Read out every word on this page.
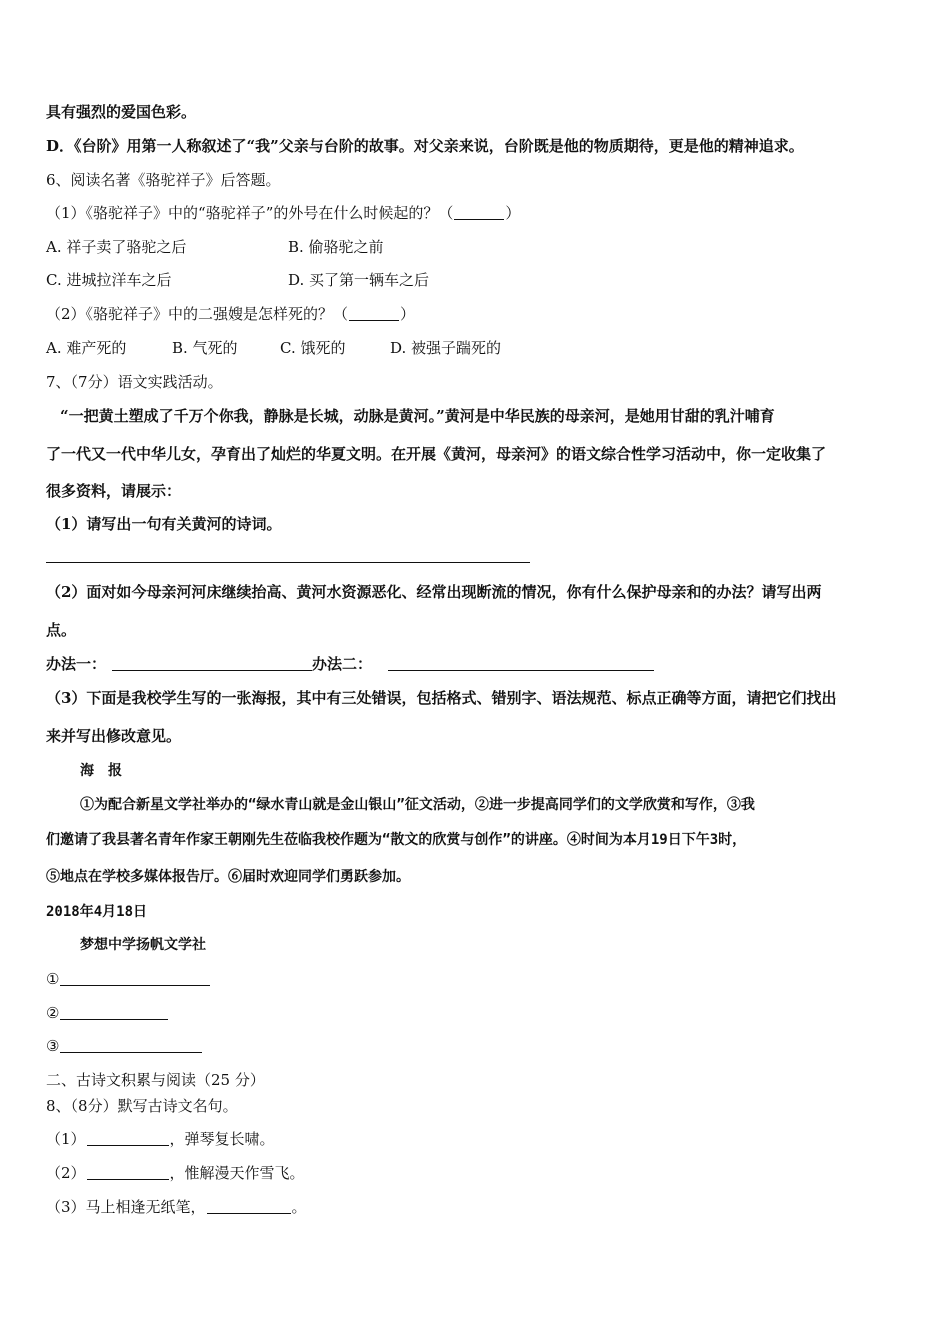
具有强烈的爱国色彩。
D．《台阶》用第一人称叙述了“我”父亲与台阶的故事。对父亲来说，台阶既是他的物质期待，更是他的精神追求。
6、阅读名著《骆驼祥子》后答题。
（1）《骆驼祥子》中的“骆驼祥子”的外号在什么时候起的？（	）
A. 祥子卖了骆驼之后	B. 偷骆驼之前
C. 进城拉洋车之后	D. 买了第一辆车之后
（2）《骆驼祥子》中的二强嫂是怎样死的？（	）
A. 难产死的	B. 气死的	C. 饿死的	D. 被强子踹死的
7、（7分）语文实践活动。
“一把黄土塑成了千万个你我，静脉是长城，动脉是黄河。”黄河是中华民族的母亲河，是她用甘甜的乳汁哺育
了一代又一代中华儿女，孕育出了灿烂的华夏文明。在开展《黄河，母亲河》的语文综合性学习活动中，你一定收集了
很多资料，请展示：
（1）请写出一句有关黄河的诗词。
（2）面对如今母亲河河床继续抬高、黄河水资源恶化、经常出现断流的情况，你有什么保护母亲和的办法？请写出两
点。
办法一：	办法二：
（3）下面是我校学生写的一张海报，其中有三处错误，包括格式、错别字、语法规范、标点正确等方面，请把它们找出
来并写出修改意见。
海　报
①为配合新星文学社举办的“绿水青山就是金山银山”征文活动，②进一步提高同学们的文学欣赏和写作，③我
们邀请了我县著名青年作家王朝刚先生莅临我校作题为“散文的欣赏与创作”的讲座。④时间为本月19日下午3时，
⑤地点在学校多媒体报告厅。⑥届时欢迎同学们勇跃参加。
2018年4月18日
梦想中学扬帆文学社
①
②
③
二、古诗文积累与阅读（25 分）
8、（8分）默写古诗文名句。
（1）	，弹琴复长啸。
（2）	，惟解漫天作雪飞。
（3）马上相逢无纸笔，	。
